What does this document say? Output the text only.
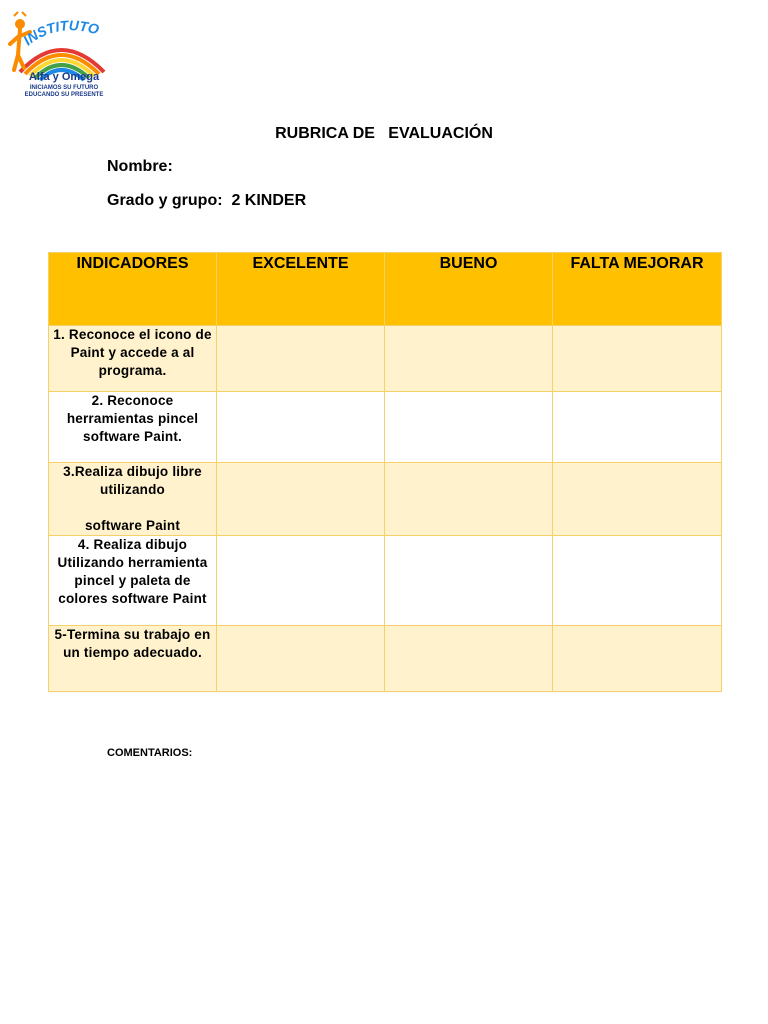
INSTITUTO
Alfa y Omega
INICIAMOS SU FUTURO
EDUCANDO SU PRESENTE
RUBRICA DE   EVALUACIÓN
Nombre:
Grado y grupo:  2 KINDER
INDICADORES	EXCELENTE	BUENO	FALTA MEJORAR
1. Reconoce el icono de Paint y accede a al programa.			
2. Reconoce herramientas pincel software Paint.			
3.Realiza dibujo libre utilizando

software Paint			
4. Realiza dibujo Utilizando herramienta pincel y paleta de colores software Paint			
5-Termina su trabajo en un tiempo adecuado.			
COMENTARIOS:
